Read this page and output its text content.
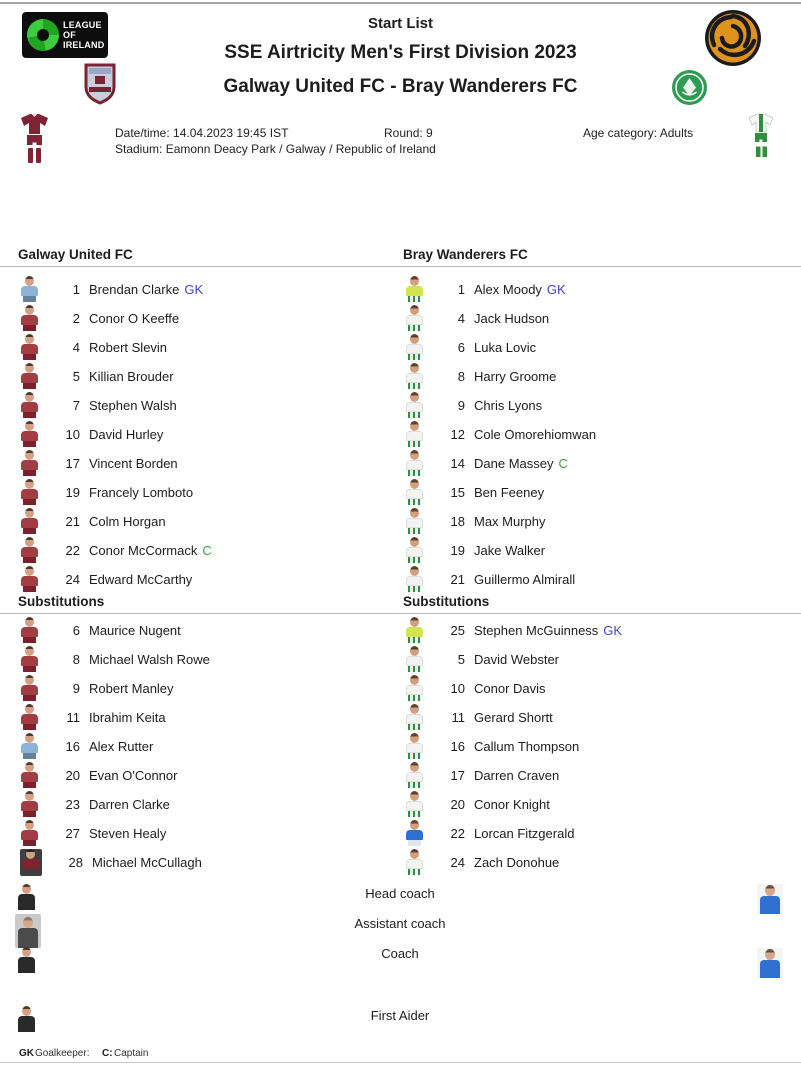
Start List
SSE Airtricity Men's First Division 2023
Galway United FC - Bray Wanderers FC
LEAGUE OF
IRELAND
Date/time: 14.04.2023 19:45 IST	Round: 9	Age category: Adults
Stadium: Eamonn Deacy Park / Galway / Republic of Ireland
Galway United FC	Bray Wanderers FC
1 Brendan Clarke GK
2 Conor O Keeffe
4 Robert Slevin
5 Killian Brouder
7 Stephen Walsh
10 David Hurley
17 Vincent Borden
19 Francely Lomboto
21 Colm Horgan
22 Conor McCormack C
24 Edward McCarthy
1 Alex Moody GK
4 Jack Hudson
6 Luka Lovic
8 Harry Groome
9 Chris Lyons
12 Cole Omorehiomwan
14 Dane Massey C
15 Ben Feeney
18 Max Murphy
19 Jake Walker
21 Guillermo Almirall
Substitutions	Substitutions
6 Maurice Nugent
8 Michael Walsh Rowe
9 Robert Manley
11 Ibrahim Keita
16 Alex Rutter
20 Evan O'Connor
23 Darren Clarke
27 Steven Healy
28 Michael McCullagh
25 Stephen McGuinness GK
5 David Webster
10 Conor Davis
11 Gerard Shortt
16 Callum Thompson
17 Darren Craven
20 Conor Knight
22 Lorcan Fitzgerald
24 Zach Donohue
Head coach
Assistant coach
Coach
First Aider
GK Goalkeeper: C: Captain
